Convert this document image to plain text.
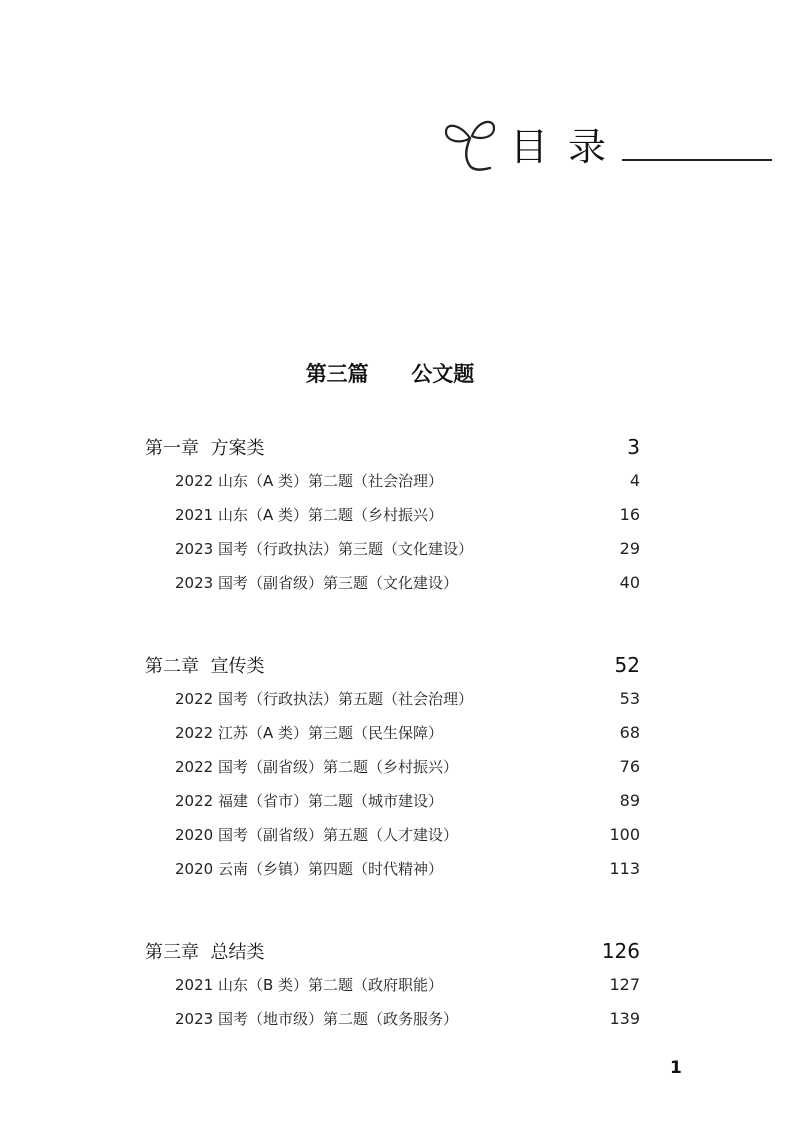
目录
第三篇  公文题
第一章  方案类	3
2022 山东（A 类）第二题（社会治理）	4
2021 山东（A 类）第二题（乡村振兴）	16
2023 国考（行政执法）第三题（文化建设）	29
2023 国考（副省级）第三题（文化建设）	40
第二章  宣传类	52
2022 国考（行政执法）第五题（社会治理）	53
2022 江苏（A 类）第三题（民生保障）	68
2022 国考（副省级）第二题（乡村振兴）	76
2022 福建（省市）第二题（城市建设）	89
2020 国考（副省级）第五题（人才建设）	100
2020 云南（乡镇）第四题（时代精神）	113
第三章  总结类	126
2021 山东（B 类）第二题（政府职能）	127
2023 国考（地市级）第二题（政务服务）	139
1
